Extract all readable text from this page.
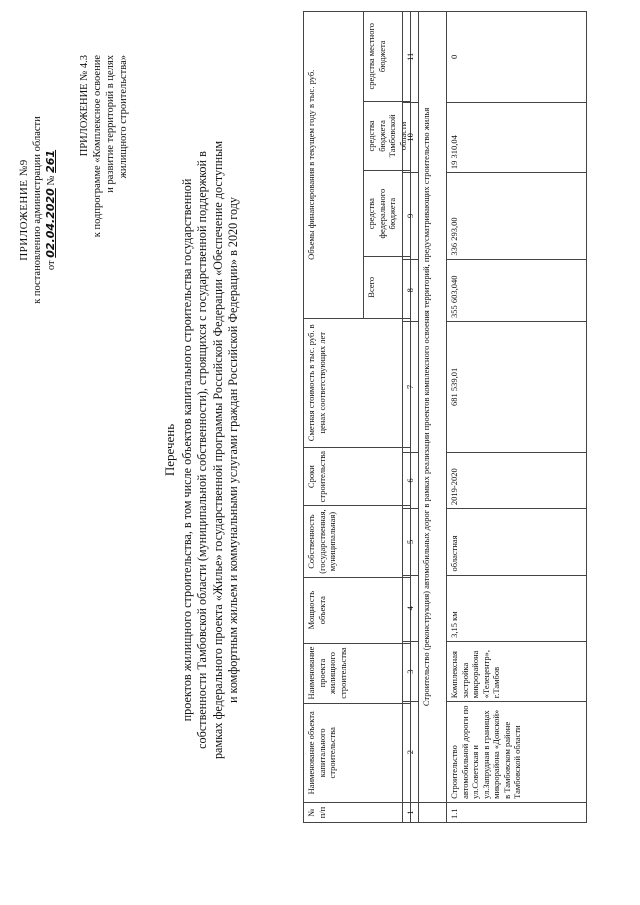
ПРИЛОЖЕНИЕ №9 к постановлению администрации области от 02.04.2020 № 261
ПРИЛОЖЕНИЕ № 4.3 к подпрограмме «Комплексное освоение и развитие территорий в целях жилищного строительства»
Перечень проектов жилищного строительства, в том числе объектов капитального строительства государственной собственности Тамбовской области (муниципальной собственности), строящихся с государственной поддержкой в рамках федерального проекта «Жилье» государственной программы Российской Федерации «Обеспечение доступным и комфортным жильем и коммунальными услугами граждан Российской Федерации» в 2020 году
№ п/п	Наименование объекта капитального строительства	Наименование проекта жилищного строительства	Мощность объекта	Собственность (государственная, муниципальная)	Сроки строительства	Сметная стоимость в тыс. руб. в ценах соответствующих лет	Объемы финансирования в текущем году в тыс. руб.			
							Всего	средства федерального бюджета	средства бюджета Тамбовской области	средства местного бюджета
1	2	3	4	5	6	7	8	9	10	11
	Строительство (реконструкция) автомобильных дорог в рамках реализации проектов комплексного освоения территорий, предусматривающих строительство жилья									
1.1	Строительство автомобильной дороги по ул.Советская и ул.Запрудная в границах микрорайона «Донской» в Тамбовском районе Тамбовской области	Комплексная застройка микрорайона «Телецентр», г.Тамбов	3,15 км	областная	2019-2020	681 539,01	355 603,040	336 293,00	19 310,04	0
